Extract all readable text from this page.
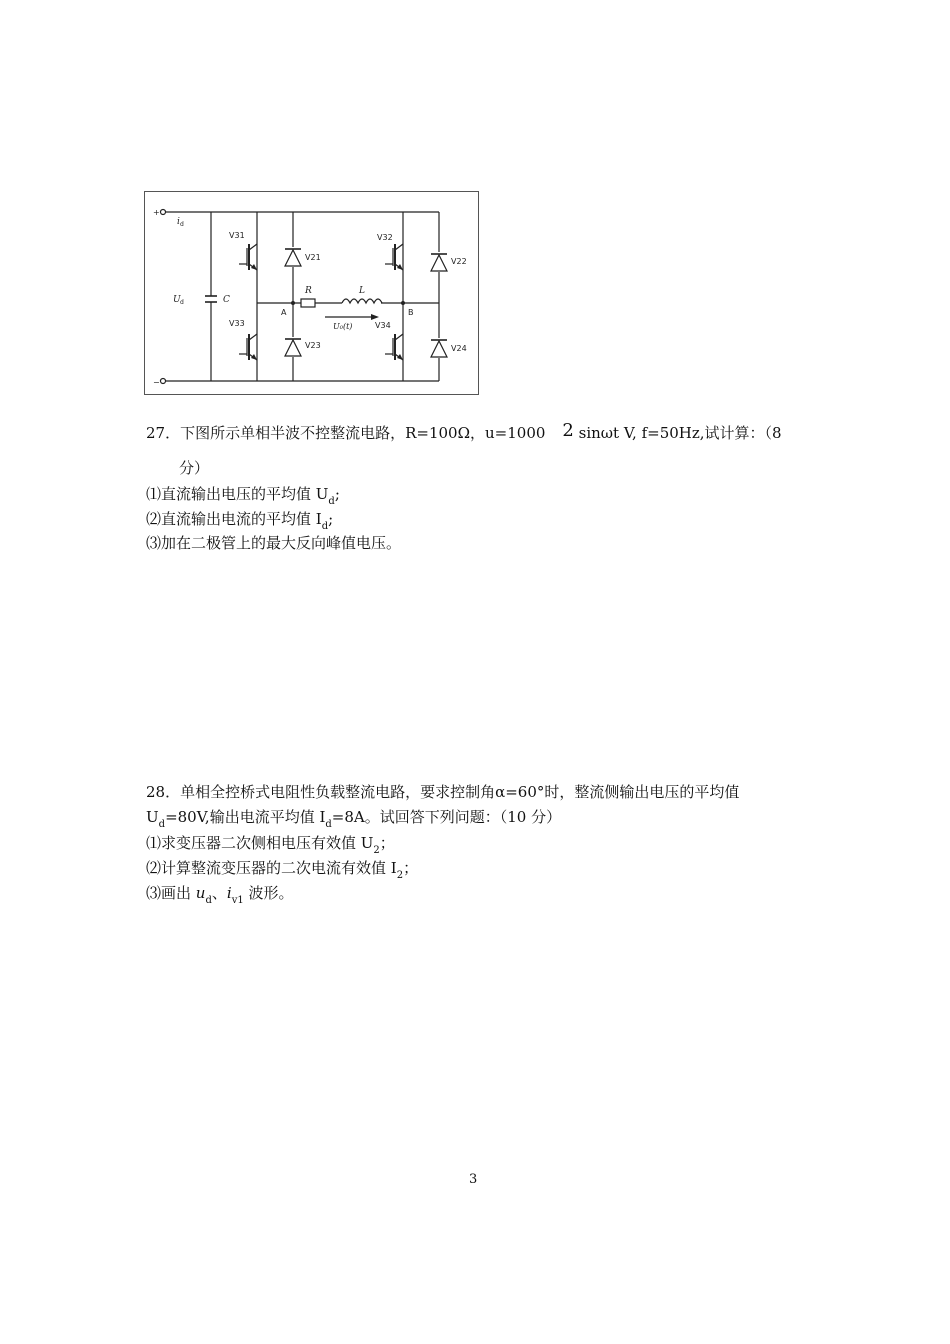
+
−
i d
U d	C
V31
V33
V32
V34
V21
V23
V22
V24
R	L
A	B
U₀(t)
27．下图所示单相半波不控整流电路，R=100Ω，u=1000 2 sinωt V, f=50Hz,试计算：（8
分）
⑴直流输出电压的平均值 $U_d$;
⑵直流输出电流的平均值 $I_d$;
⑶加在二极管上的最大反向峰值电压。
28．单相全控桥式电阻性负载整流电路，要求控制角α=60°时，整流侧输出电压的平均值
$U_d=80V$,输出电流平均值 $I_d=8A$。试回答下列问题：（10 分）
⑴求变压器二次侧相电压有效值 $U_2$；
⑵计算整流变压器的二次电流有效值 $I_2$；
⑶画出 $u_d$、$i_{v1}$ 波形。
3
